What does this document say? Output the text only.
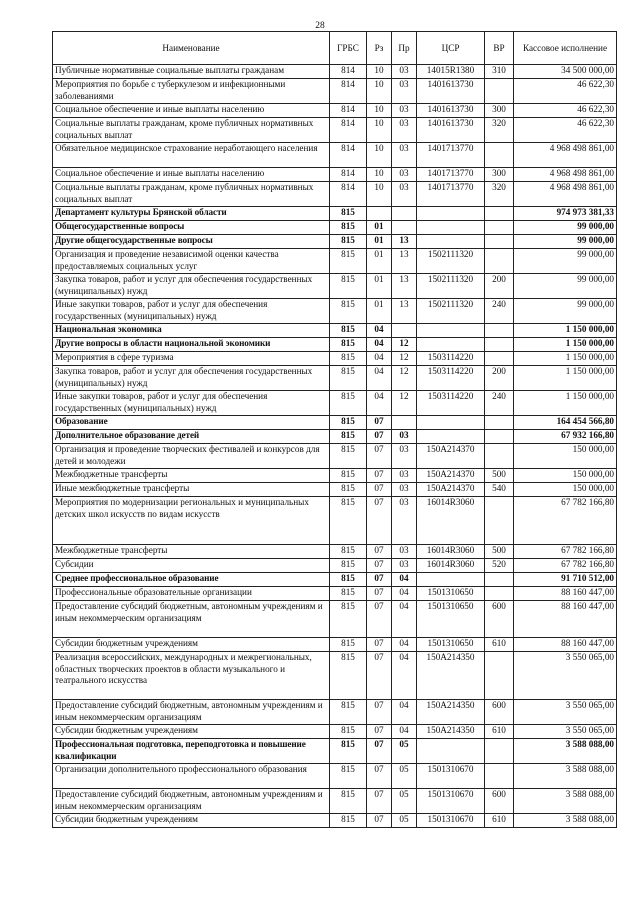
28
Наименование	ГРБС	Рз	Пр	ЦСР	ВР	Кассовое исполнение
Публичные нормативные социальные выплаты гражданам	814	10	03	14015R1380	310	34 500 000,00
Мероприятия по борьбе с туберкулезом и инфекционными заболеваниями	814	10	03	1401613730		46 622,30
Социальное обеспечение и иные выплаты населению	814	10	03	1401613730	300	46 622,30
Социальные выплаты гражданам, кроме публичных нормативных социальных выплат	814	10	03	1401613730	320	46 622,30
Обязательное медицинское страхование неработающего населения	814	10	03	1401713770		4 968 498 861,00
Социальное обеспечение и иные выплаты населению	814	10	03	1401713770	300	4 968 498 861,00
Социальные выплаты гражданам, кроме публичных нормативных социальных выплат	814	10	03	1401713770	320	4 968 498 861,00
Департамент культуры Брянской области	815					974 973 381,33
Общегосударственные вопросы	815	01				99 000,00
Другие общегосударственные вопросы	815	01	13			99 000,00
Организация и проведение независимой оценки качества предоставляемых социальных услуг	815	01	13	1502111320		99 000,00
Закупка товаров, работ и услуг для обеспечения государственных (муниципальных) нужд	815	01	13	1502111320	200	99 000,00
Иные закупки товаров, работ и услуг для обеспечения государственных (муниципальных) нужд	815	01	13	1502111320	240	99 000,00
Национальная экономика	815	04				1 150 000,00
Другие вопросы в области национальной экономики	815	04	12			1 150 000,00
Мероприятия в сфере туризма	815	04	12	1503114220		1 150 000,00
Закупка товаров, работ и услуг для обеспечения государственных (муниципальных) нужд	815	04	12	1503114220	200	1 150 000,00
Иные закупки товаров, работ и услуг для обеспечения государственных (муниципальных) нужд	815	04	12	1503114220	240	1 150 000,00
Образование	815	07				164 454 566,80
Дополнительное образование детей	815	07	03			67 932 166,80
Организация и проведение творческих фестивалей и конкурсов для детей и молодежи	815	07	03	150А214370		150 000,00
Межбюджетные трансферты	815	07	03	150А214370	500	150 000,00
Иные межбюджетные трансферты	815	07	03	150А214370	540	150 000,00
Мероприятия по модернизации региональных и муниципальных детских школ искусств по видам искусств	815	07	03	16014R3060		67 782 166,80
Межбюджетные трансферты	815	07	03	16014R3060	500	67 782 166,80
Субсидии	815	07	03	16014R3060	520	67 782 166,80
Среднее профессиональное образование	815	07	04			91 710 512,00
Профессиональные образовательные организации	815	07	04	1501310650		88 160 447,00
Предоставление субсидий бюджетным, автономным учреждениям и иным некоммерческим организациям	815	07	04	1501310650	600	88 160 447,00
Субсидии бюджетным учреждениям	815	07	04	1501310650	610	88 160 447,00
Реализация всероссийских, международных и межрегиональных, областных творческих проектов в области музыкального и театрального искусства	815	07	04	150А214350		3 550 065,00
Предоставление субсидий бюджетным, автономным учреждениям и иным некоммерческим организациям	815	07	04	150А214350	600	3 550 065,00
Субсидии бюджетным учреждениям	815	07	04	150А214350	610	3 550 065,00
Профессиональная подготовка, переподготовка и повышение квалификации	815	07	05			3 588 088,00
Организации дополнительного профессионального образования	815	07	05	1501310670		3 588 088,00
Предоставление субсидий бюджетным, автономным учреждениям и иным некоммерческим организациям	815	07	05	1501310670	600	3 588 088,00
Субсидии бюджетным учреждениям	815	07	05	1501310670	610	3 588 088,00
